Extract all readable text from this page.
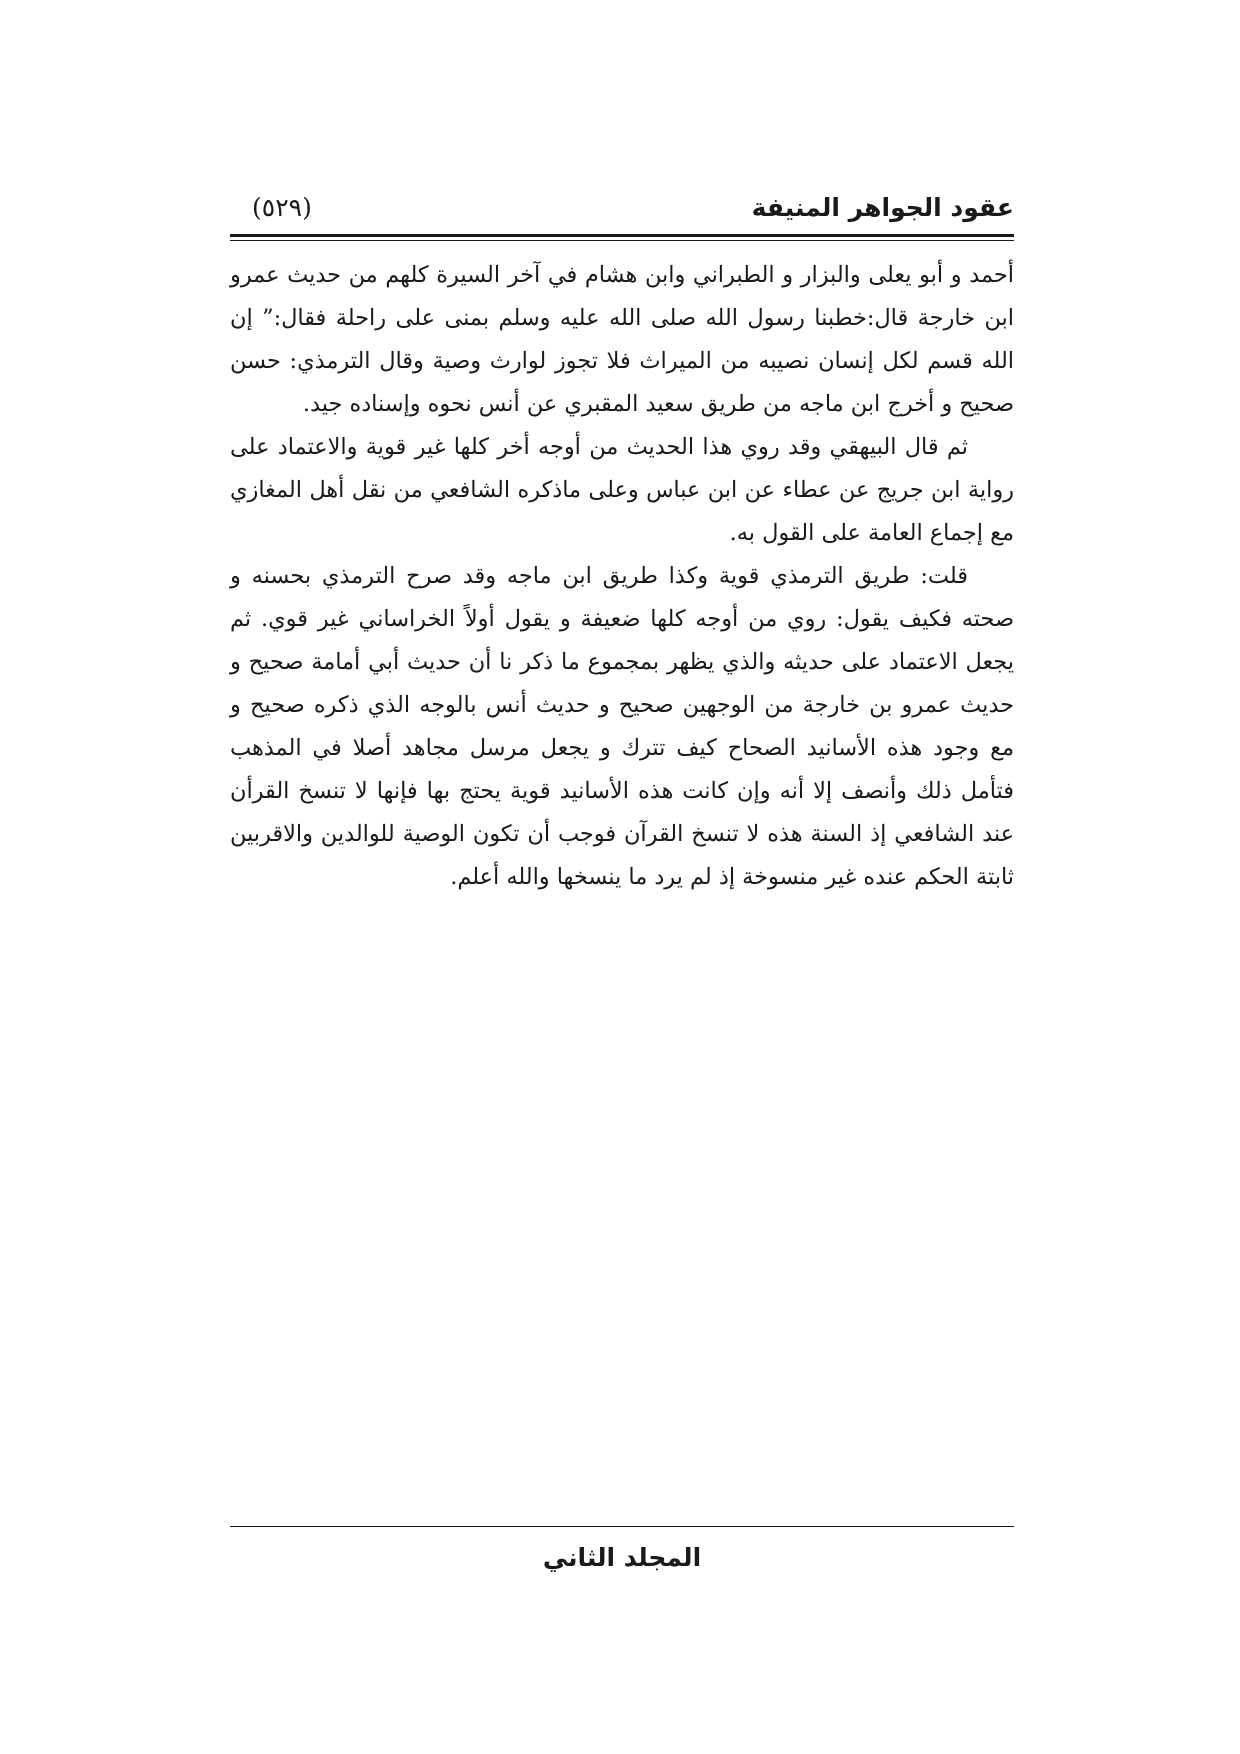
عقود الجواهر المنيفة
(٥٢٩)

أحمد و أبو يعلى والبزار و الطبراني وابن هشام في آخر السيرة كلهم من حديث عمرو ابن خارجة قال:خطبنا رسول الله صلى الله عليه وسلم بمنى على راحلة فقال:” إن الله قسم لكل إنسان نصيبه من الميراث فلا تجوز لوارث وصية وقال الترمذي: حسن صحيح و أخرج ابن ماجه من طريق سعيد المقبري عن أنس نحوه وإسناده جيد.

ثم قال البيهقي وقد روي هذا الحديث من أوجه أخر كلها غير قوية والاعتماد على رواية ابن جريج عن عطاء عن ابن عباس وعلى ماذكره الشافعي من نقل أهل المغازي مع إجماع العامة على القول به.

قلت: طريق الترمذي قوية وكذا طريق ابن ماجه وقد صرح الترمذي بحسنه و صحته فكيف يقول: روي من أوجه كلها ضعيفة و يقول أولاً الخراساني غير قوي. ثم يجعل الاعتماد على حديثه والذي يظهر بمجموع ما ذكر نا أن حديث أبي أمامة صحيح و حديث عمرو بن خارجة من الوجهين صحيح و حديث أنس بالوجه الذي ذكره صحيح و مع وجود هذه الأسانيد الصحاح كيف تترك و يجعل مرسل مجاهد أصلا في المذهب فتأمل ذلك وأنصف إلا أنه وإن كانت هذه الأسانيد قوية يحتج بها فإنها لا تنسخ القرأن عند الشافعي إذ السنة هذه لا تنسخ القرآن فوجب أن تكون الوصية للوالدين والاقربين ثابتة الحكم عنده غير منسوخة إذ لم يرد ما ينسخها والله أعلم.

المجلد الثاني
